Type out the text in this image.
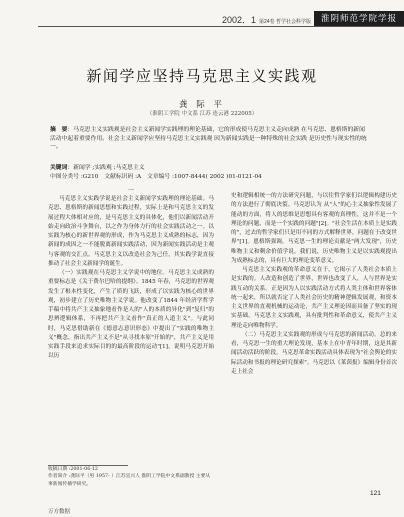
2002．1 第24卷 哲学社会科学版	淮阴师范学院学报
新闻学应坚持马克思主义实践观
龚 际 平
（淮阴工学院 中文系 江苏 连云港 222005）
摘　要：马克思主义实践观是社会主义新闻学实践理的理论基础，它的形成使马克思主义走向成熟 在马克思、恩格斯的新闻活动中起着重要作用。社会主义新闻学应坚持马克思主义实践观 因为新闻实践是一种特殊的社会实践 是历史性与现实性的统一。
关键词：新闻学 ;实践观 ;马克思主义
中图分类号 :G210　文献标识码 :A　文章编号 :1007-8444( 2002 )01-0121-04
一

马克思主义实践学说是社会主义新闻学实践理的理论基础。马克思、恩格斯的新闻思想和实践过程，实际上是和马克思主义的发展过程大体相对应的，是马克思主义的具体化，他们以新闻活动开始走向政治斗争舞台，以之作为身体力行的社会实践活动之一。以实践为核心的新世界观的形成，作为马克思主义成熟的标志，因为新闻的成因之一不能脱离新闻实践活动，因为新闻实践活动是主观与客观的交汇点。马克思主义以改造社会为己任，其实践学说直接推动了社会主义新闻学的诞生。

（一）实践观在马克思主义学说中的地位。马克思主义成熟的重要标志是《关于费尔巴哈的提纲》。1845 年春，马克思的世界观发生了根本性变化，产生了质的飞跃，形成了以实践为核心的世界观，初步建立了历史唯物主义学说。他改变了1844 年经济学哲学手稿中将共产主义抽象地看作是人的"人的本质的异化"到"复归"的思辨逻辑体系，不再把共产主义看作"真正的人道主义"。与此同时，马克思借助新在《德意志意识形态》中提出了"实践的唯物主义"概念，指出共产主义不是"从寻找本原"开始的"，共产主义是用实践手段来追求实际目的的最高阶段的运动"[1]。说明马克思开始以历

史和逻辑相统一的方法研究问题，与以往哲学家们以逻辑构建历史的方法进行了彻底决裂。马克思认为 从"人"的心主义抽象性发展了能动的方面，将人的思维是思想具有客观的真理性，这并不是一个理论的问题，而是一个实践的问题"[2]。"社会生活在本质上是实践的"，过去的哲学家们只是用不同的方式解释世界，问题在于改变世界"[1]。恩格斯强调，马克思一生的理论贡献是"两大发现"，历史唯物主义和剩余价值学说。我们说，历史唯物主义是以实践观提出为成熟标志的，具有巨大的理论变革意义。

马克思主义实践观的革命意义在于，它揭示了人类社会本质上是实践的。人改造和创造了世界，世界也改变了人，人与世界是实践互动的关系。正是因为人以实践活动方式将人类主体和世界客体统一起来，所以就否定了人类社会历史的精神逻辑发展观，和资本主义世界的直观机械的运动论，共产主义理论因而具备了坚实的现实基础。马克思主义实践观，具有批判性和革命意义，使共产主义理论走向唯物科学。

（二）马克思主义实践观的形成与马克思的新闻活动。总的来看，马克思一生的重大理论发现，基本上在中青年时期，这是其新闻活动活跃的阶段。马克思革命实践活动具体表现为"社会舆论的实际活动和书报的理论研究探索"。马克思以《莱茵报》编辑身份首次走上社会

收稿日期 :2001-06-12
作者简介 :龚际平（男 1957- ）江苏宜兴人 淮阴工学院中文系副教授 主要从事新闻传播学研究。
121
万方数据
